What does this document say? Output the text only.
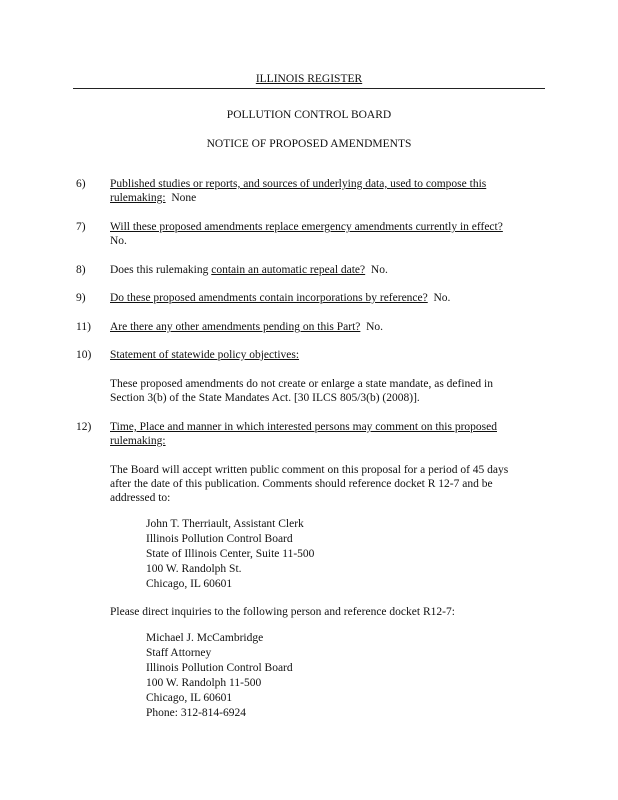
ILLINOIS REGISTER
POLLUTION CONTROL BOARD
NOTICE OF PROPOSED AMENDMENTS
6) Published studies or reports, and sources of underlying data, used to compose this
rulemaking: None
7) Will these proposed amendments replace emergency amendments currently in effect?
No.
8) Does this rulemaking contain an automatic repeal date? No.
9) Do these proposed amendments contain incorporations by reference? No.
11) Are there any other amendments pending on this Part? No.
10) Statement of statewide policy objectives:
These proposed amendments do not create or enlarge a state mandate, as defined in
Section 3(b) of the State Mandates Act. [30 ILCS 805/3(b) (2008)].
12) Time, Place and manner in which interested persons may comment on this proposed
rulemaking:
The Board will accept written public comment on this proposal for a period of 45 days
after the date of this publication. Comments should reference docket R 12-7 and be
addressed to:
John T. Therriault, Assistant Clerk
Illinois Pollution Control Board
State of Illinois Center, Suite 11-500
100 W. Randolph St.
Chicago, IL 60601
Please direct inquiries to the following person and reference docket R12-7:
Michael J. McCambridge
Staff Attorney
Illinois Pollution Control Board
100 W. Randolph 11-500
Chicago, IL 60601
Phone: 312-814-6924
